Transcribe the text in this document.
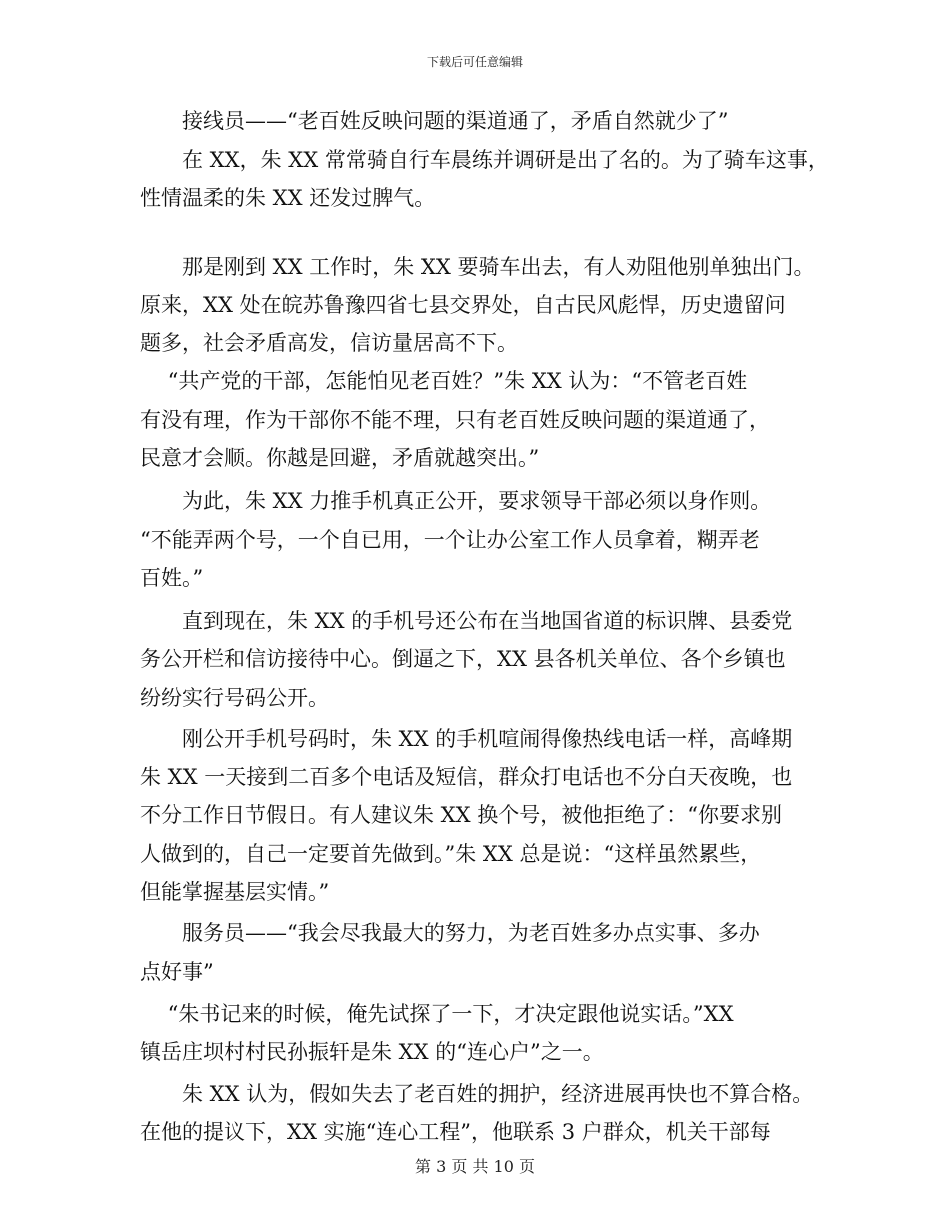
下载后可任意编辑
　　接线员——“老百姓反映问题的渠道通了，矛盾自然就少了”
　　在 XX，朱 XX 常常骑自行车晨练并调研是出了名的。为了骑车这事，
性情温柔的朱 XX 还发过脾气。
　　那是刚到 XX 工作时，朱 XX 要骑车出去，有人劝阻他别单独出门。
原来，XX 处在皖苏鲁豫四省七县交界处，自古民风彪悍，历史遗留问
题多，社会矛盾高发，信访量居高不下。
　 “共产党的干部，怎能怕见老百姓？”朱 XX 认为：“不管老百姓
有没有理，作为干部你不能不理，只有老百姓反映问题的渠道通了，
民意才会顺。你越是回避，矛盾就越突出。”
　　为此，朱 XX 力推手机真正公开，要求领导干部必须以身作则。
“不能弄两个号，一个自已用，一个让办公室工作人员拿着，糊弄老
百姓。”
　　直到现在，朱 XX 的手机号还公布在当地国省道的标识牌、县委党
务公开栏和信访接待中心。倒逼之下，XX 县各机关单位、各个乡镇也
纷纷实行号码公开。
　　刚公开手机号码时，朱 XX 的手机喧闹得像热线电话一样，高峰期
朱 XX 一天接到二百多个电话及短信，群众打电话也不分白天夜晚，也
不分工作日节假日。有人建议朱 XX 换个号，被他拒绝了：“你要求别
人做到的，自己一定要首先做到。”朱 XX 总是说：“这样虽然累些，
但能掌握基层实情。”
　　服务员——“我会尽我最大的努力，为老百姓多办点实事、多办
点好事”
　 “朱书记来的时候，俺先试探了一下，才决定跟他说实话。”XX
镇岳庄坝村村民孙振轩是朱 XX 的“连心户”之一。
　　朱 XX 认为，假如失去了老百姓的拥护，经济进展再快也不算合格。
在他的提议下，XX 实施“连心工程”，他联系 3 户群众，机关干部每
第 3 页 共 10 页
